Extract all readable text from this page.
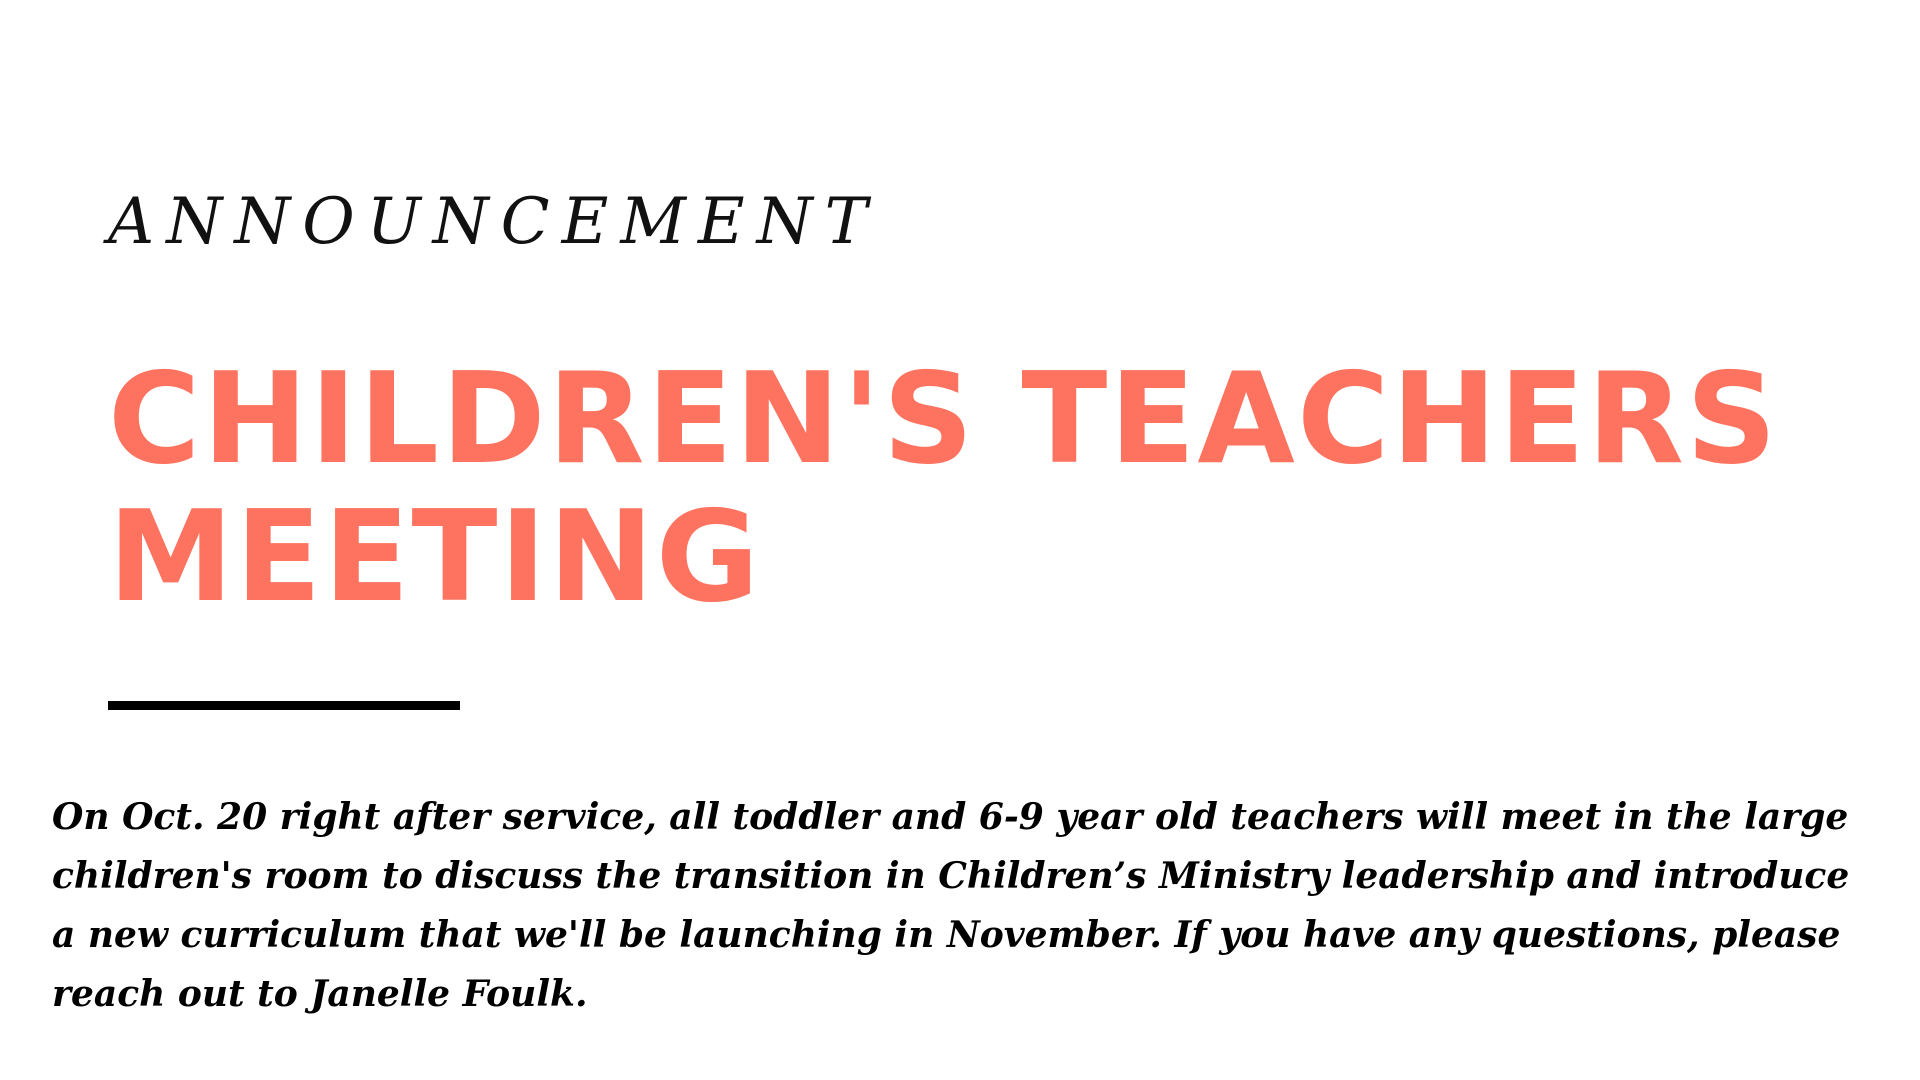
ANNOUNCEMENT
CHILDREN'S TEACHERS
MEETING

On Oct. 20 right after service, all toddler and 6-9 year old teachers will meet in the large children's room to discuss the transition in Children’s Ministry leadership and introduce a new curriculum that we'll be launching in November. If you have any questions, please reach out to Janelle Foulk.
